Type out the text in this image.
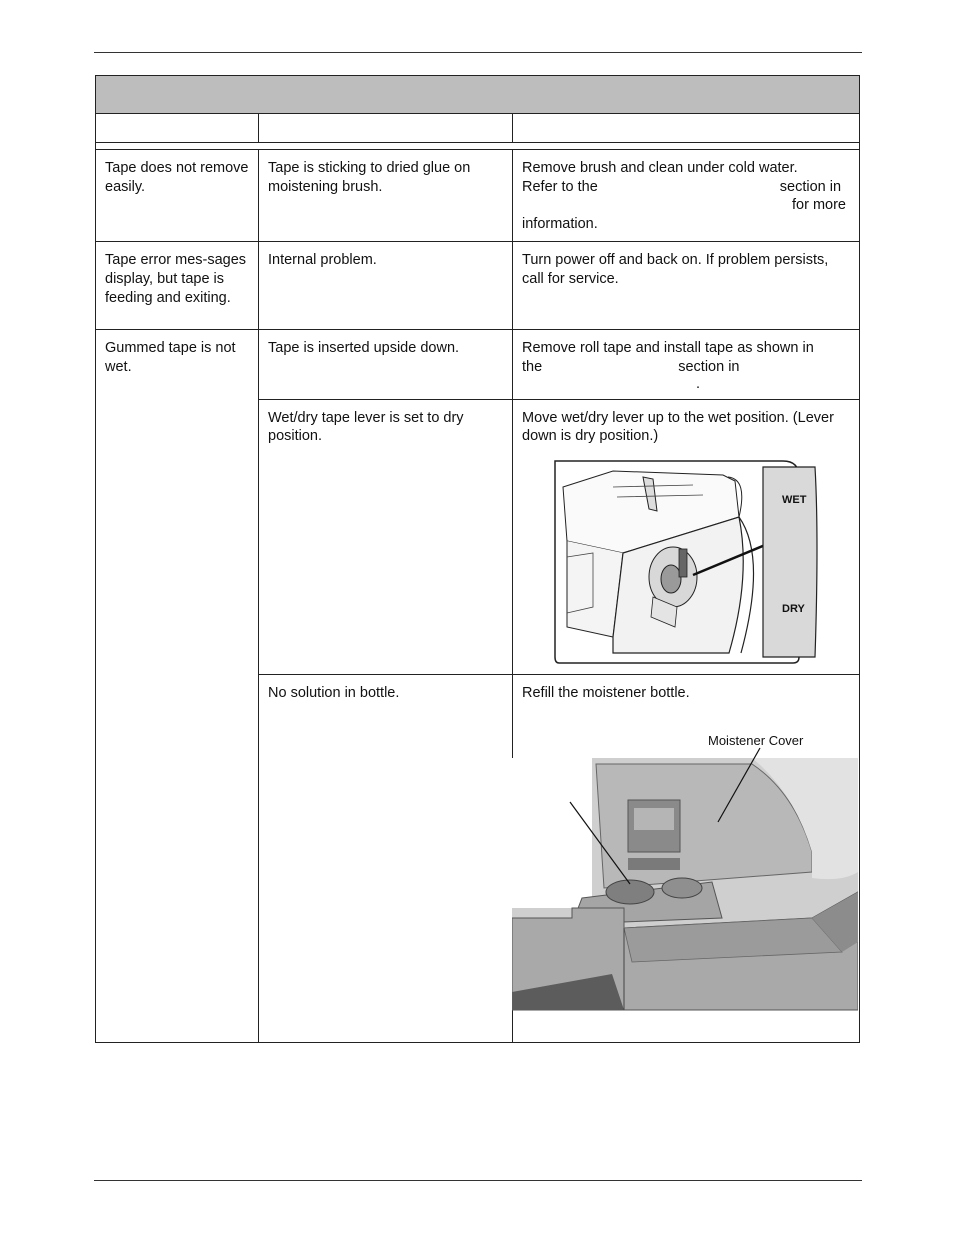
Tape does not remove easily.	Tape is sticking to dried glue on moistening brush.	Remove brush and clean under cold water.
Refer to the section in
for more
information.

Tape error mes-sages display, but tape is feeding and exiting.	Internal problem.	Turn power off and back on. If problem persists, call for service.
Gummed tape is not wet.	Tape is inserted upside down.	Remove roll tape and install tape as shown in
the section in
.

	Wet/dry tape lever is set to dry position.	Move wet/dry lever up to the wet position. (Lever down is dry position.)
WET
DRY

	No solution in bottle.	Refill the moistener bottle.
Moistener Cover
